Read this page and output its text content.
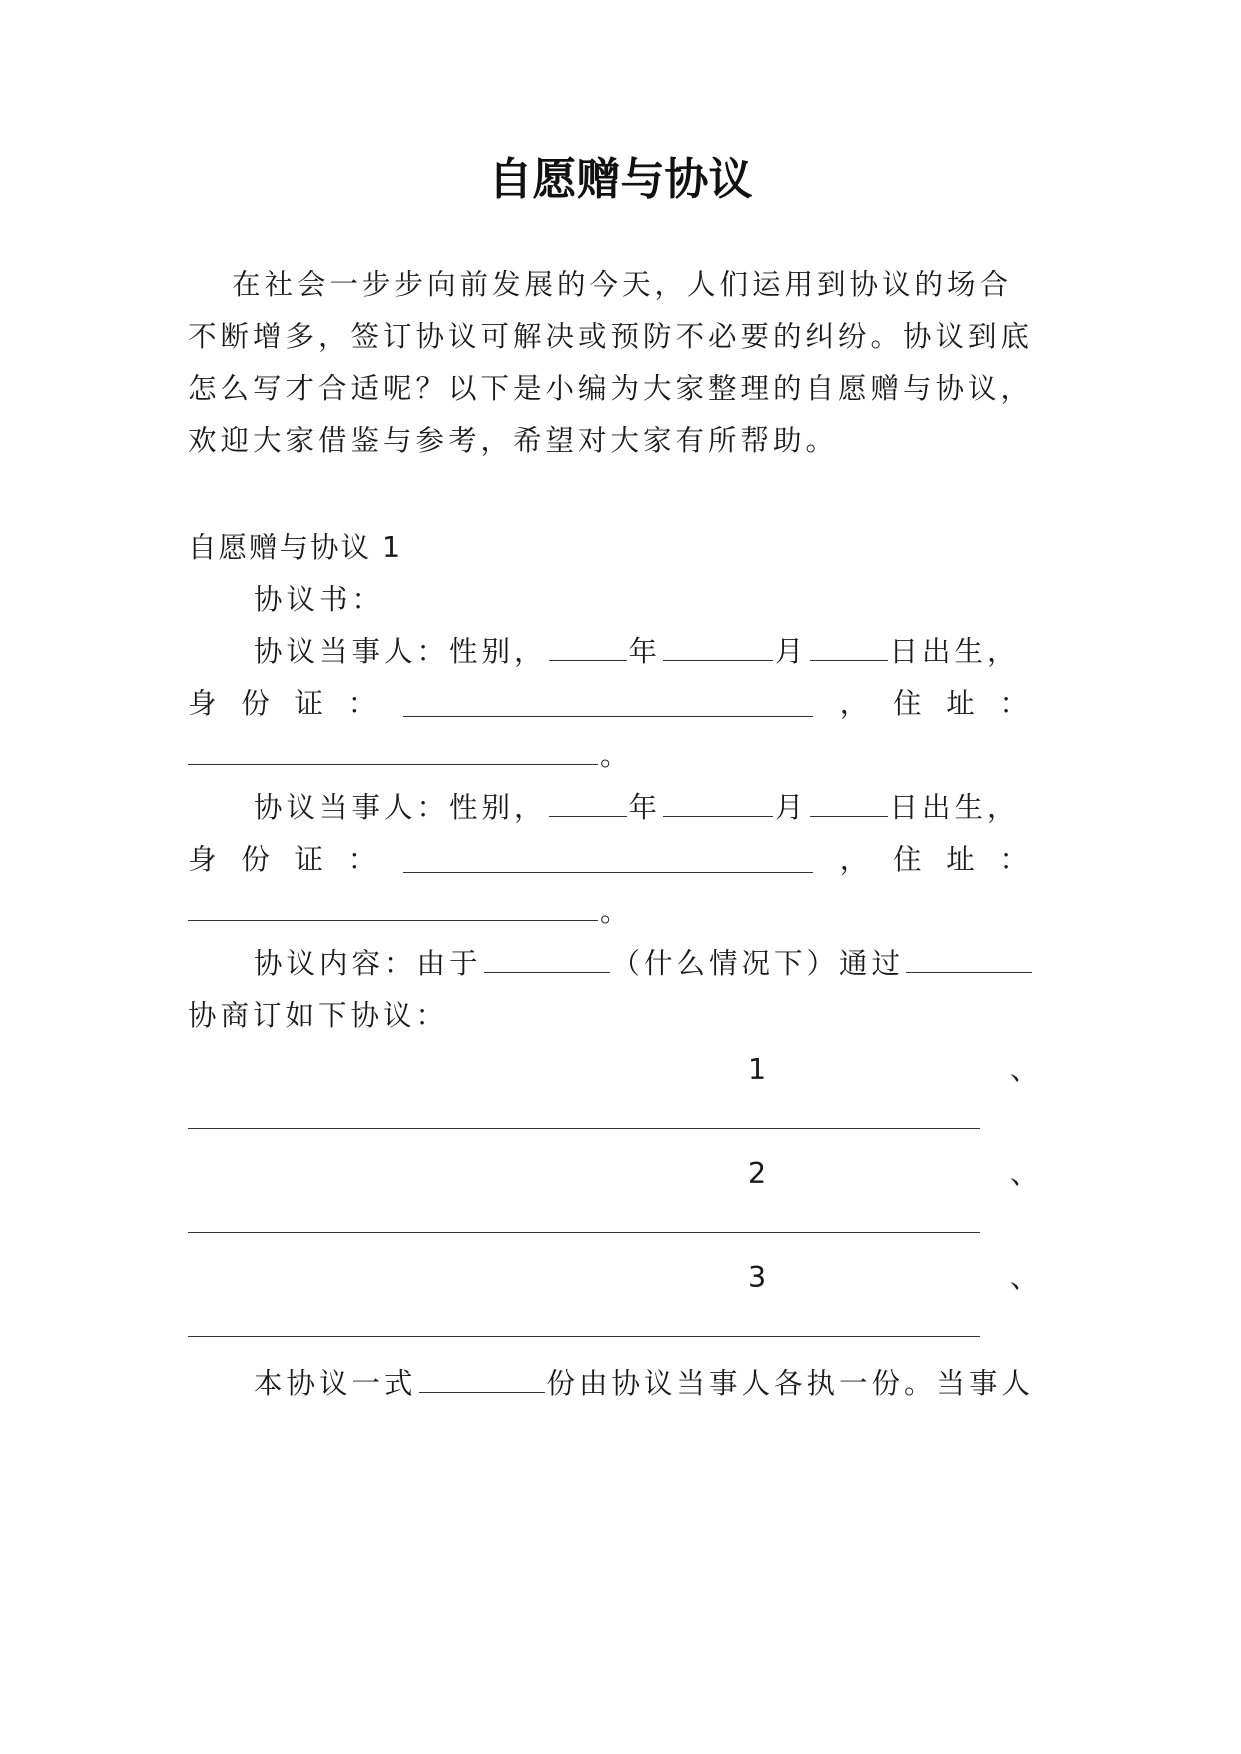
自愿赠与协议
在社会一步步向前发展的今天，人们运用到协议的场合
不断增多，签订协议可解决或预防不必要的纠纷。协议到底
怎么写才合适呢？以下是小编为大家整理的自愿赠与协议，
欢迎大家借鉴与参考，希望对大家有所帮助。
自愿赠与协议 1
协议书：
协议当事人：性别，	年	月	日出生，
身 份 证 ：	， 住 址 ：
。
协议当事人：性别，	年	月	日出生，
身 份 证 ：	， 住 址 ：
。
协议内容：由于	（什么情况下）通过
协商订如下协议：
1	、
2	、
3	、
本协议一式	份由协议当事人各执一份。当事人
